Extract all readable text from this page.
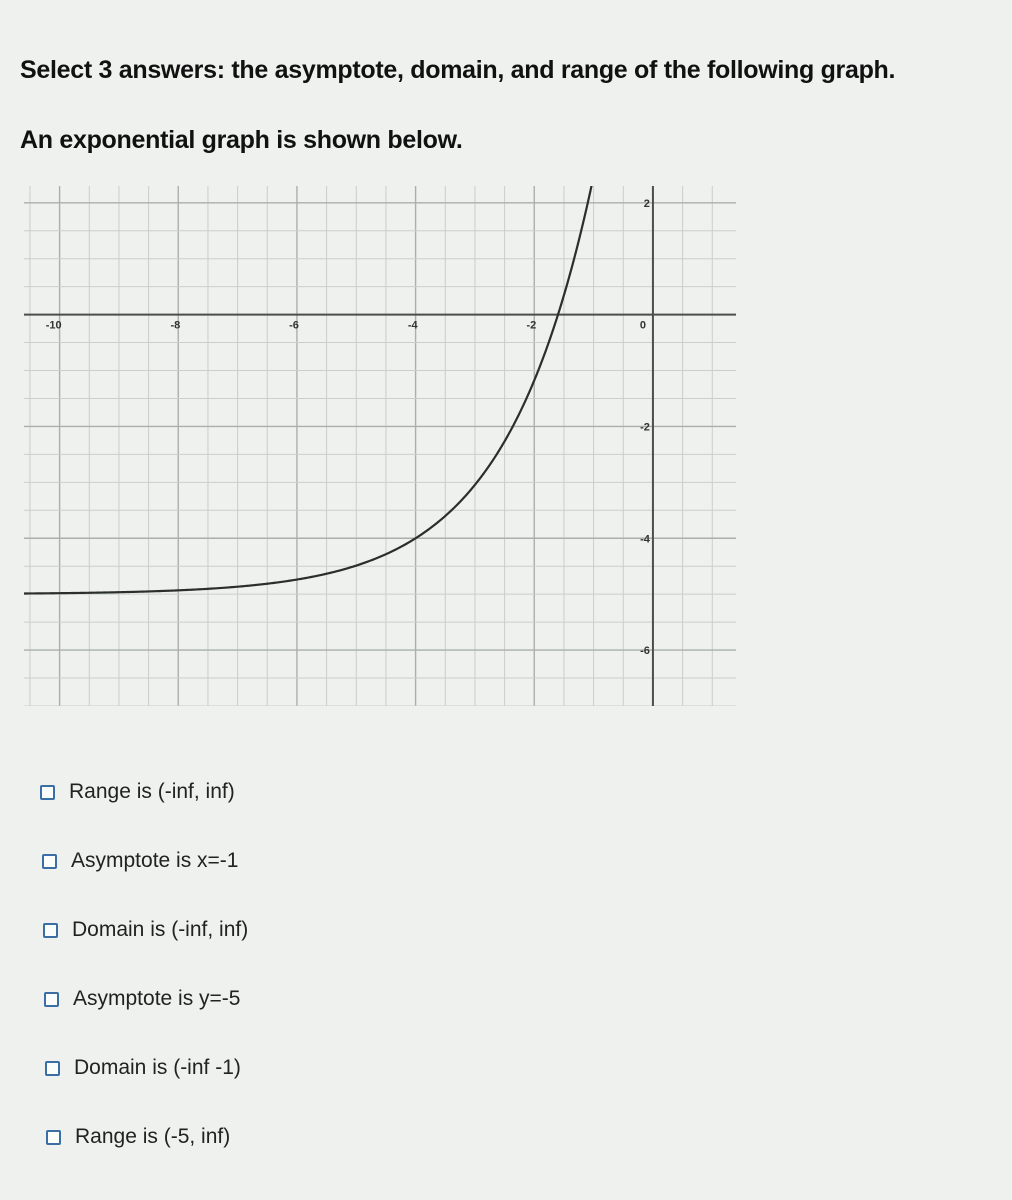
Select 3 answers: the asymptote, domain, and range of the following graph.
An exponential graph is shown below.
-10	-8	-6	-4	-2	0
2
-2
-4
-6
Range is (-inf, inf)
Asymptote is x=-1
Domain is (-inf, inf)
Asymptote is y=-5
Domain is (-inf -1)
Range is (-5, inf)
